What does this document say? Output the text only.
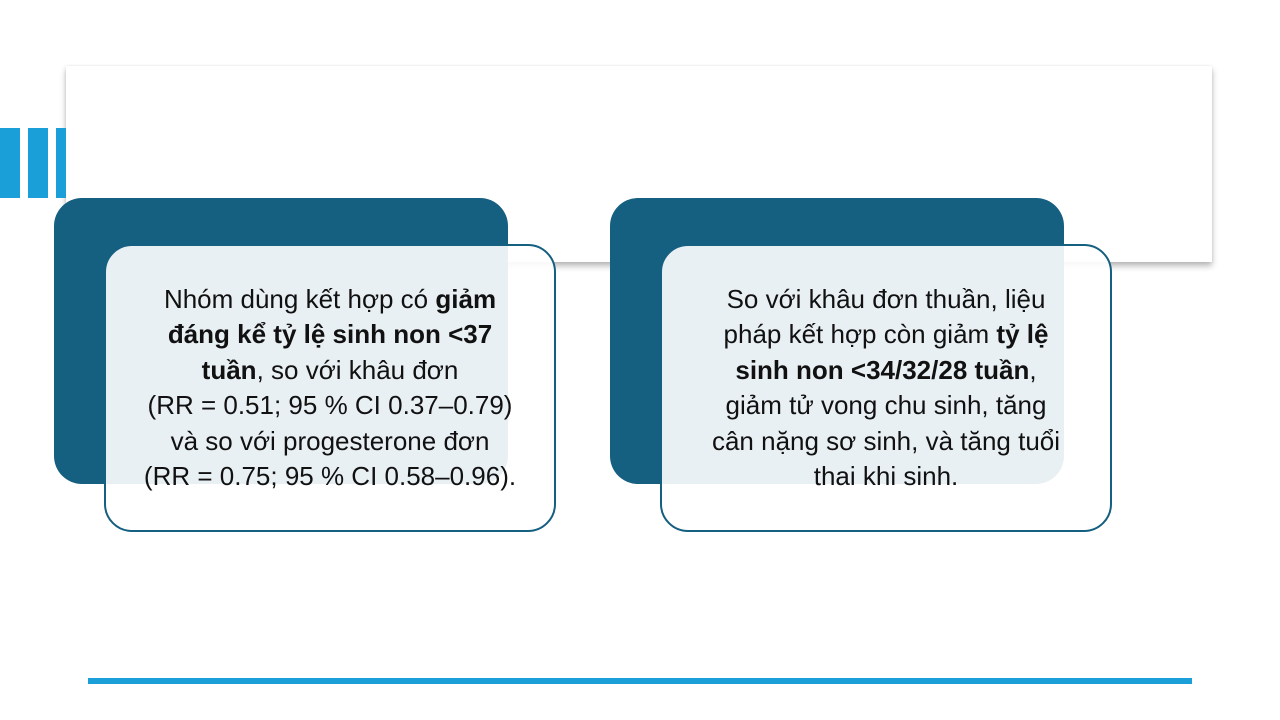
Nhóm dùng kết hợp có giảm
đáng kể tỷ lệ sinh non <37
tuần, so với khâu đơn
(RR = 0.51; 95 % CI 0.37–0.79)
và so với progesterone đơn
(RR = 0.75; 95 % CI 0.58–0.96).
So với khâu đơn thuần, liệu
pháp kết hợp còn giảm tỷ lệ
sinh non <34/32/28 tuần,
giảm tử vong chu sinh, tăng
cân nặng sơ sinh, và tăng tuổi
thai khi sinh.
